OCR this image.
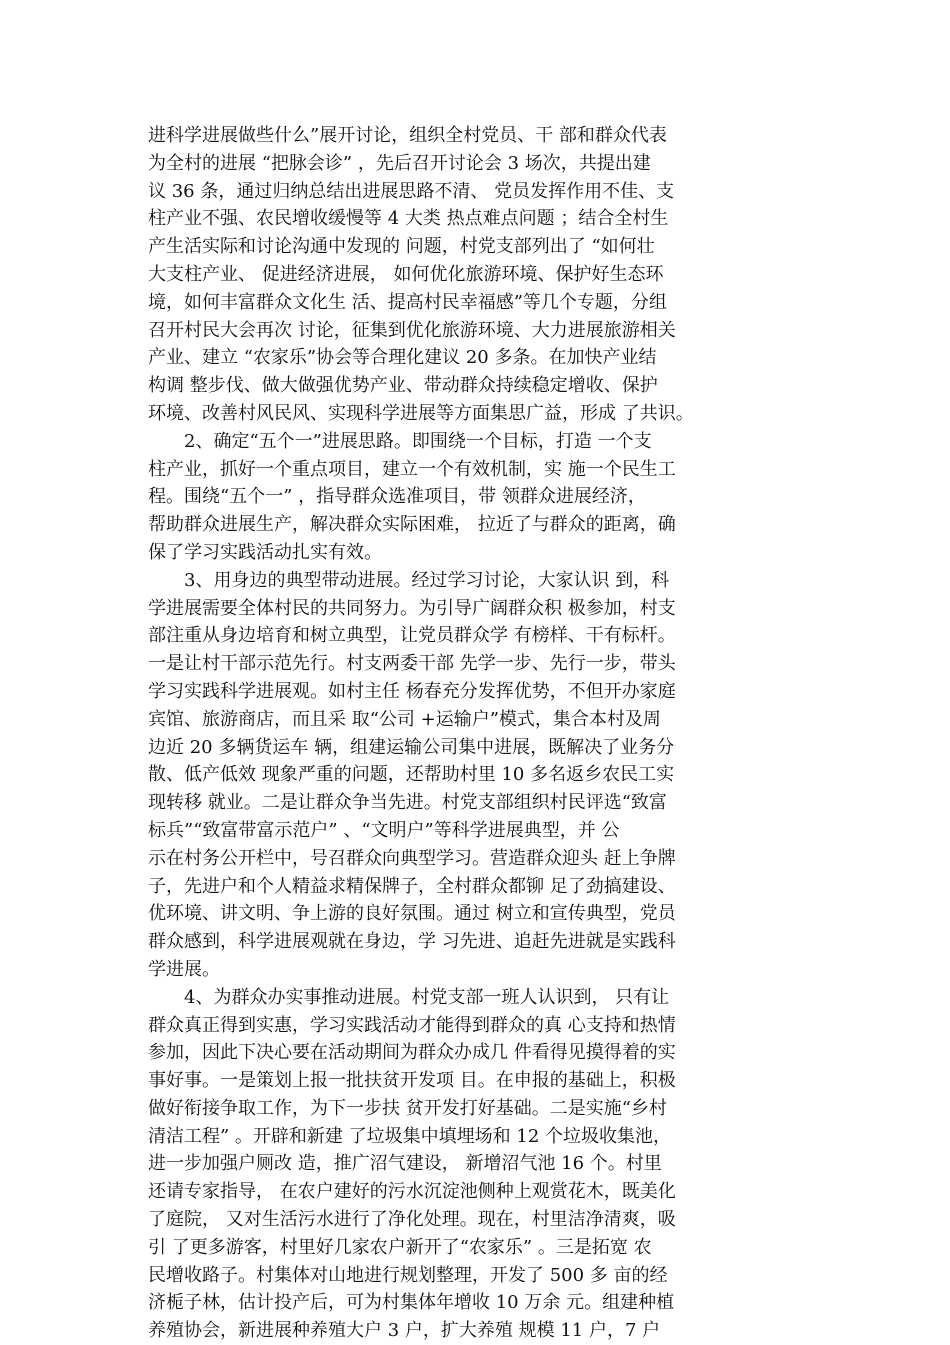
进科学进展做些什么”展开讨论，组织全村党员、干 部和群众代表
为全村的进展 “把脉会诊” ，先后召开讨论会 3 场次，共提出建
议 36 条，通过归纳总结出进展思路不清、 党员发挥作用不佳、支
柱产业不强、农民增收缓慢等 4 大类 热点难点问题 ；结合全村生
产生活实际和讨论沟通中发现的 问题，村党支部列出了 “如何壮
大支柱产业、 促进经济进展， 如何优化旅游环境、保护好生态环
境，如何丰富群众文化生 活、提高村民幸福感”等几个专题，分组
召开村民大会再次 讨论，征集到优化旅游环境、大力进展旅游相关
产业、建立 “农家乐”协会等合理化建议 20 多条。在加快产业结
构调 整步伐、做大做强优势产业、带动群众持续稳定增收、保护
环境、改善村风民风、实现科学进展等方面集思广益，形成 了共识。
　　2、确定“五个一”进展思路。即围绕一个目标，打造 一个支
柱产业，抓好一个重点项目，建立一个有效机制，实 施一个民生工
程。围绕“五个一” ，指导群众选准项目，带 领群众进展经济，
帮助群众进展生产，解决群众实际困难， 拉近了与群众的距离，确
保了学习实践活动扎实有效。
　　3、用身边的典型带动进展。经过学习讨论，大家认识 到，科
学进展需要全体村民的共同努力。为引导广阔群众积 极参加，村支
部注重从身边培育和树立典型，让党员群众学 有榜样、干有标杆。
一是让村干部示范先行。村支两委干部 先学一步、先行一步，带头
学习实践科学进展观。如村主任 杨春充分发挥优势，不但开办家庭
宾馆、旅游商店，而且采 取“公司 +运输户”模式，集合本村及周
边近 20 多辆货运车 辆，组建运输公司集中进展，既解决了业务分
散、低产低效 现象严重的问题，还帮助村里 10 多名返乡农民工实
现转移 就业。二是让群众争当先进。村党支部组织村民评选“致富
标兵”“致富带富示范户” 、“文明户”等科学进展典型，并 公
示在村务公开栏中，号召群众向典型学习。营造群众迎头 赶上争牌
子，先进户和个人精益求精保牌子，全村群众都铆 足了劲搞建设、
优环境、讲文明、争上游的良好氛围。通过 树立和宣传典型，党员
群众感到，科学进展观就在身边，学 习先进、追赶先进就是实践科
学进展。
　　4、为群众办实事推动进展。村党支部一班人认识到， 只有让
群众真正得到实惠，学习实践活动才能得到群众的真 心支持和热情
参加，因此下决心要在活动期间为群众办成几 件看得见摸得着的实
事好事。一是策划上报一批扶贫开发项 目。在申报的基础上，积极
做好衔接争取工作，为下一步扶 贫开发打好基础。二是实施“乡村
清洁工程” 。开辟和新建 了垃圾集中填埋场和 12 个垃圾收集池，
进一步加强户厕改 造，推广沼气建设， 新增沼气池 16 个。村里
还请专家指导， 在农户建好的污水沉淀池侧种上观赏花木，既美化
了庭院， 又对生活污水进行了净化处理。现在，村里洁净清爽，吸
引 了更多游客，村里好几家农户新开了“农家乐” 。三是拓宽 农
民增收路子。村集体对山地进行规划整理，开发了 500 多 亩的经
济栀子林，估计投产后，可为村集体年增收 10 万余 元。组建种植
养殖协会，新进展种养殖大户 3 户，扩大养殖 规模 11 户，7 户
